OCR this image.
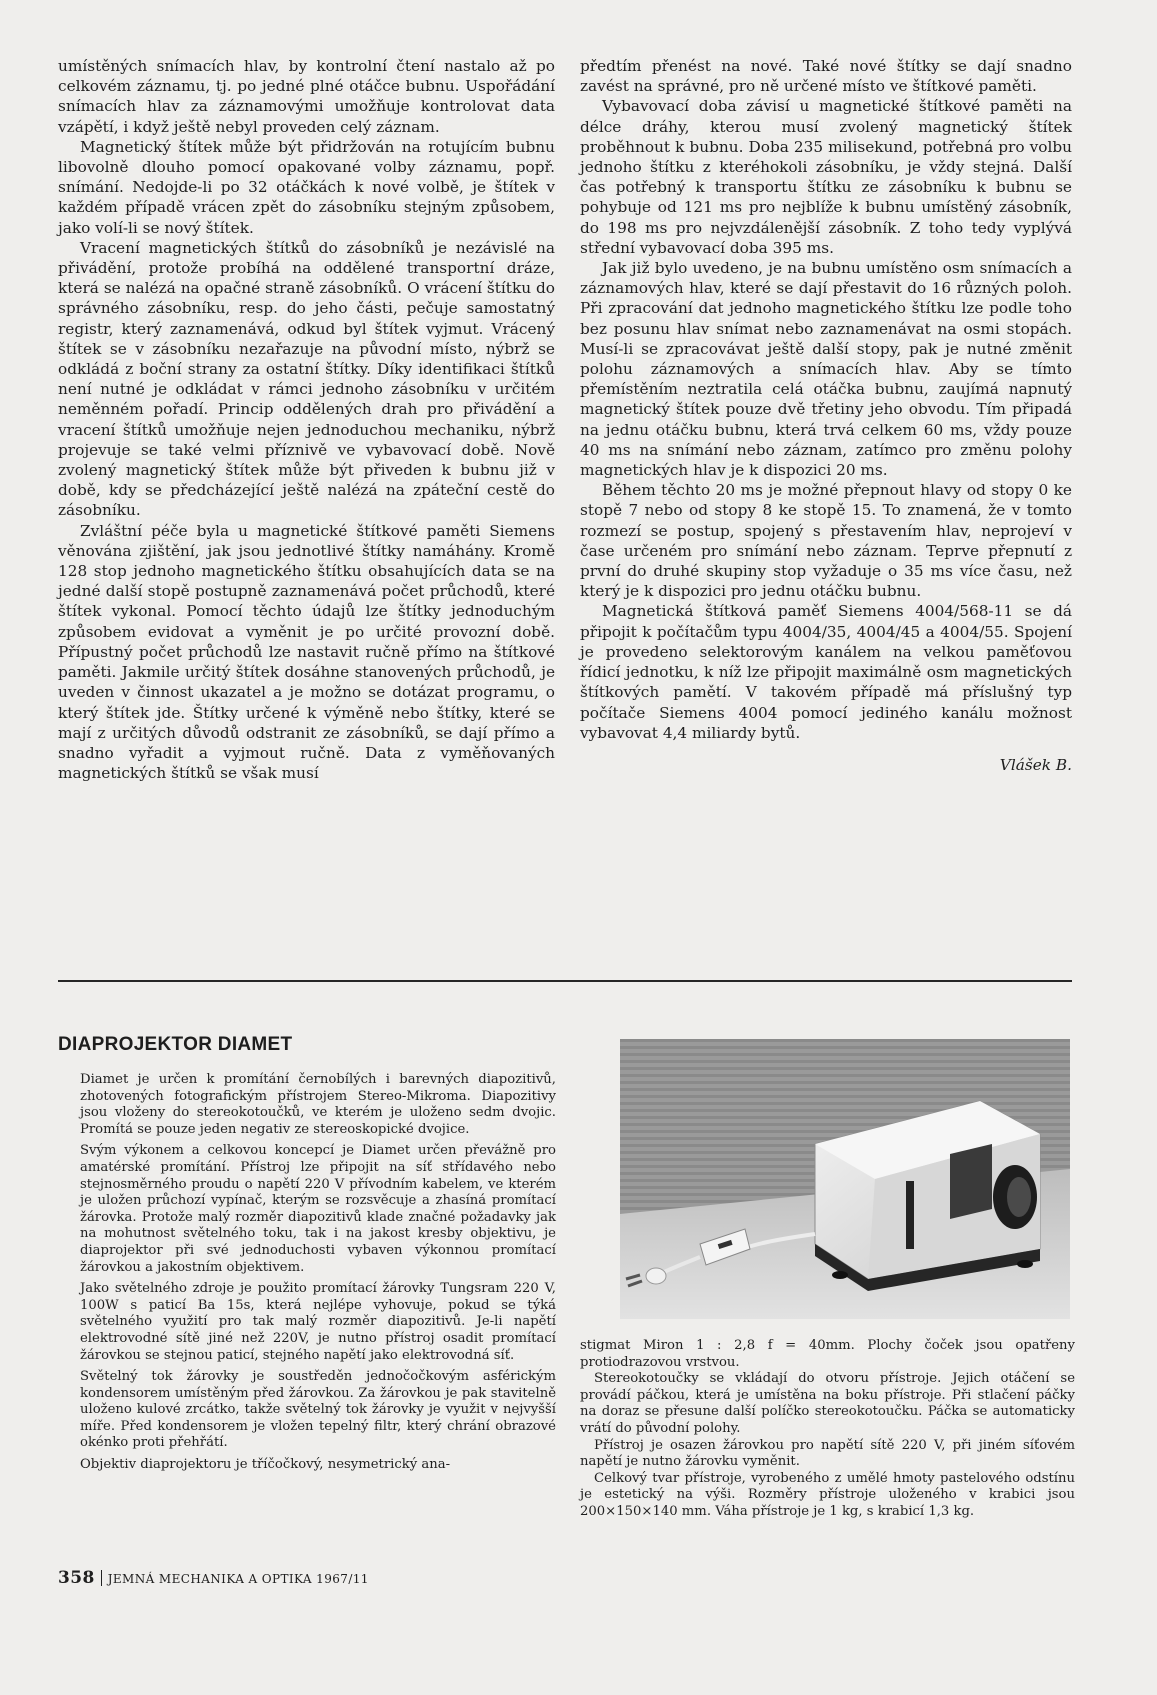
umístěných snímacích hlav, by kontrolní čtení nastalo až po celkovém záznamu, tj. po jedné plné otáčce bubnu. Uspořádání snímacích hlav za záznamovými umožňuje kontrolovat data vzápětí, i když ještě nebyl proveden celý záznam.

Magnetický štítek může být přidržován na rotujícím bubnu libovolně dlouho pomocí opakované volby záznamu, popř. snímání. Nedojde-li po 32 otáčkách k nové volbě, je štítek v každém případě vrácen zpět do zásobníku stejným způsobem, jako volí-li se nový štítek.

Vracení magnetických štítků do zásobníků je nezávislé na přivádění, protože probíhá na oddělené transportní dráze, která se nalézá na opačné straně zásobníků. O vrácení štítku do správného zásobníku, resp. do jeho části, pečuje samostatný registr, který zaznamenává, odkud byl štítek vyjmut. Vrácený štítek se v zásobníku nezařazuje na původní místo, nýbrž se odkládá z boční strany za ostatní štítky. Díky identifikaci štítků není nutné je odkládat v rámci jednoho zásobníku v určitém neměnném pořadí. Princip oddělených drah pro přivádění a vracení štítků umožňuje nejen jednoduchou mechaniku, nýbrž projevuje se také velmi příznivě ve vybavovací době. Nově zvolený magnetický štítek může být přiveden k bubnu již v době, kdy se předcházející ještě nalézá na zpáteční cestě do zásobníku.

Zvláštní péče byla u magnetické štítkové paměti Siemens věnována zjištění, jak jsou jednotlivé štítky namáhány. Kromě 128 stop jednoho magnetického štítku obsahujících data se na jedné další stopě postupně zaznamenává počet průchodů, které štítek vykonal. Pomocí těchto údajů lze štítky jednoduchým způsobem evidovat a vyměnit je po určité provozní době. Přípustný počet průchodů lze nastavit ručně přímo na štítkové paměti. Jakmile určitý štítek dosáhne stanovených průchodů, je uveden v činnost ukazatel a je možno se dotázat programu, o který štítek jde. Štítky určené k výměně nebo štítky, které se mají z určitých důvodů odstranit ze zásobníků, se dají přímo a snadno vyřadit a vyjmout ručně. Data z vyměňovaných magnetických štítků se však musí

předtím přenést na nové. Také nové štítky se dají snadno zavést na správné, pro ně určené místo ve štítkové paměti.

Vybavovací doba závisí u magnetické štítkové paměti na délce dráhy, kterou musí zvolený magnetický štítek proběhnout k bubnu. Doba 235 milisekund, potřebná pro volbu jednoho štítku z kteréhokoli zásobníku, je vždy stejná. Další čas potřebný k transportu štítku ze zásobníku k bubnu se pohybuje od 121 ms pro nejblíže k bubnu umístěný zásobník, do 198 ms pro nejvzdálenější zásobník. Z toho tedy vyplývá střední vybavovací doba 395 ms.

Jak již bylo uvedeno, je na bubnu umístěno osm snímacích a záznamových hlav, které se dají přestavit do 16 různých poloh. Při zpracování dat jednoho magnetického štítku lze podle toho bez posunu hlav snímat nebo zaznamenávat na osmi stopách. Musí-li se zpracovávat ještě další stopy, pak je nutné změnit polohu záznamových a snímacích hlav. Aby se tímto přemístěním neztratila celá otáčka bubnu, zaujímá napnutý magnetický štítek pouze dvě třetiny jeho obvodu. Tím připadá na jednu otáčku bubnu, která trvá celkem 60 ms, vždy pouze 40 ms na snímání nebo záznam, zatímco pro změnu polohy magnetických hlav je k dispozici 20 ms.

Během těchto 20 ms je možné přepnout hlavy od stopy 0 ke stopě 7 nebo od stopy 8 ke stopě 15. To znamená, že v tomto rozmezí se postup, spojený s přestavením hlav, neprojeví v čase určeném pro snímání nebo záznam. Teprve přepnutí z první do druhé skupiny stop vyžaduje o 35 ms více času, než který je k dispozici pro jednu otáčku bubnu.

Magnetická štítková paměť Siemens 4004/568-11 se dá připojit k počítačům typu 4004/35, 4004/45 a 4004/55. Spojení je provedeno selektorovým kanálem na velkou paměťovou řídicí jednotku, k níž lze připojit maximálně osm magnetických štítkových pamětí. V takovém případě má příslušný typ počítače Siemens 4004 pomocí jediného kanálu možnost vybavovat 4,4 miliardy bytů.

Vlášek B.

DIAPROJEKTOR DIAMET

Diamet je určen k promítání černobílých i barevných diapozitivů, zhotovených fotografickým přístrojem Stereo-Mikroma. Diapozitivy jsou vloženy do stereokotoučků, ve kterém je uloženo sedm dvojic. Promítá se pouze jeden negativ ze stereoskopické dvojice.

Svým výkonem a celkovou koncepcí je Diamet určen převážně pro amatérské promítání. Přístroj lze připojit na síť střídavého nebo stejnosměrného proudu o napětí 220 V přívodním kabelem, ve kterém je uložen průchozí vypínač, kterým se rozsvěcuje a zhasíná promítací žárovka. Protože malý rozměr diapozitivů klade značné požadavky jak na mohutnost světelného toku, tak i na jakost kresby objektivu, je diaprojektor při své jednoduchosti vybaven výkonnou promítací žárovkou a jakostním objektivem.

Jako světelného zdroje je použito promítací žárovky Tungsram 220 V, 100W s paticí Ba 15s, která nejlépe vyhovuje, pokud se týká světelného využití pro tak malý rozměr diapozitivů. Je-li napětí elektrovodné sítě jiné než 220V, je nutno přístroj osadit promítací žárovkou se stejnou paticí, stejného napětí jako elektrovodná síť.

Světelný tok žárovky je soustředěn jednočočkovým asférickým kondensorem umístěným před žárovkou. Za žárovkou je pak stavitelně uloženo kulové zrcátko, takže světelný tok žárovky je využit v nejvyšší míře. Před kondensorem je vložen tepelný filtr, který chrání obrazové okénko proti přehřátí.

Objektiv diaprojektoru je tříčočkový, nesymetrický ana-

stigmat Miron 1 : 2,8 f = 40mm. Plochy čoček jsou opatřeny protiodrazovou vrstvou.

Stereokotoučky se vkládají do otvoru přístroje. Jejich otáčení se provádí páčkou, která je umístěna na boku přístroje. Při stlačení páčky na doraz se přesune další políčko stereokotoučku. Páčka se automaticky vrátí do původní polohy.

Přístroj je osazen žárovkou pro napětí sítě 220 V, při jiném síťovém napětí je nutno žárovku vyměnit.

Celkový tvar přístroje, vyrobeného z umělé hmoty pastelového odstínu je estetický na výši. Rozměry přístroje uloženého v krabici jsou 200×150×140 mm. Váha přístroje je 1 kg, s krabicí 1,3 kg.

358 JEMNÁ MECHANIKA A OPTIKA 1967/11
